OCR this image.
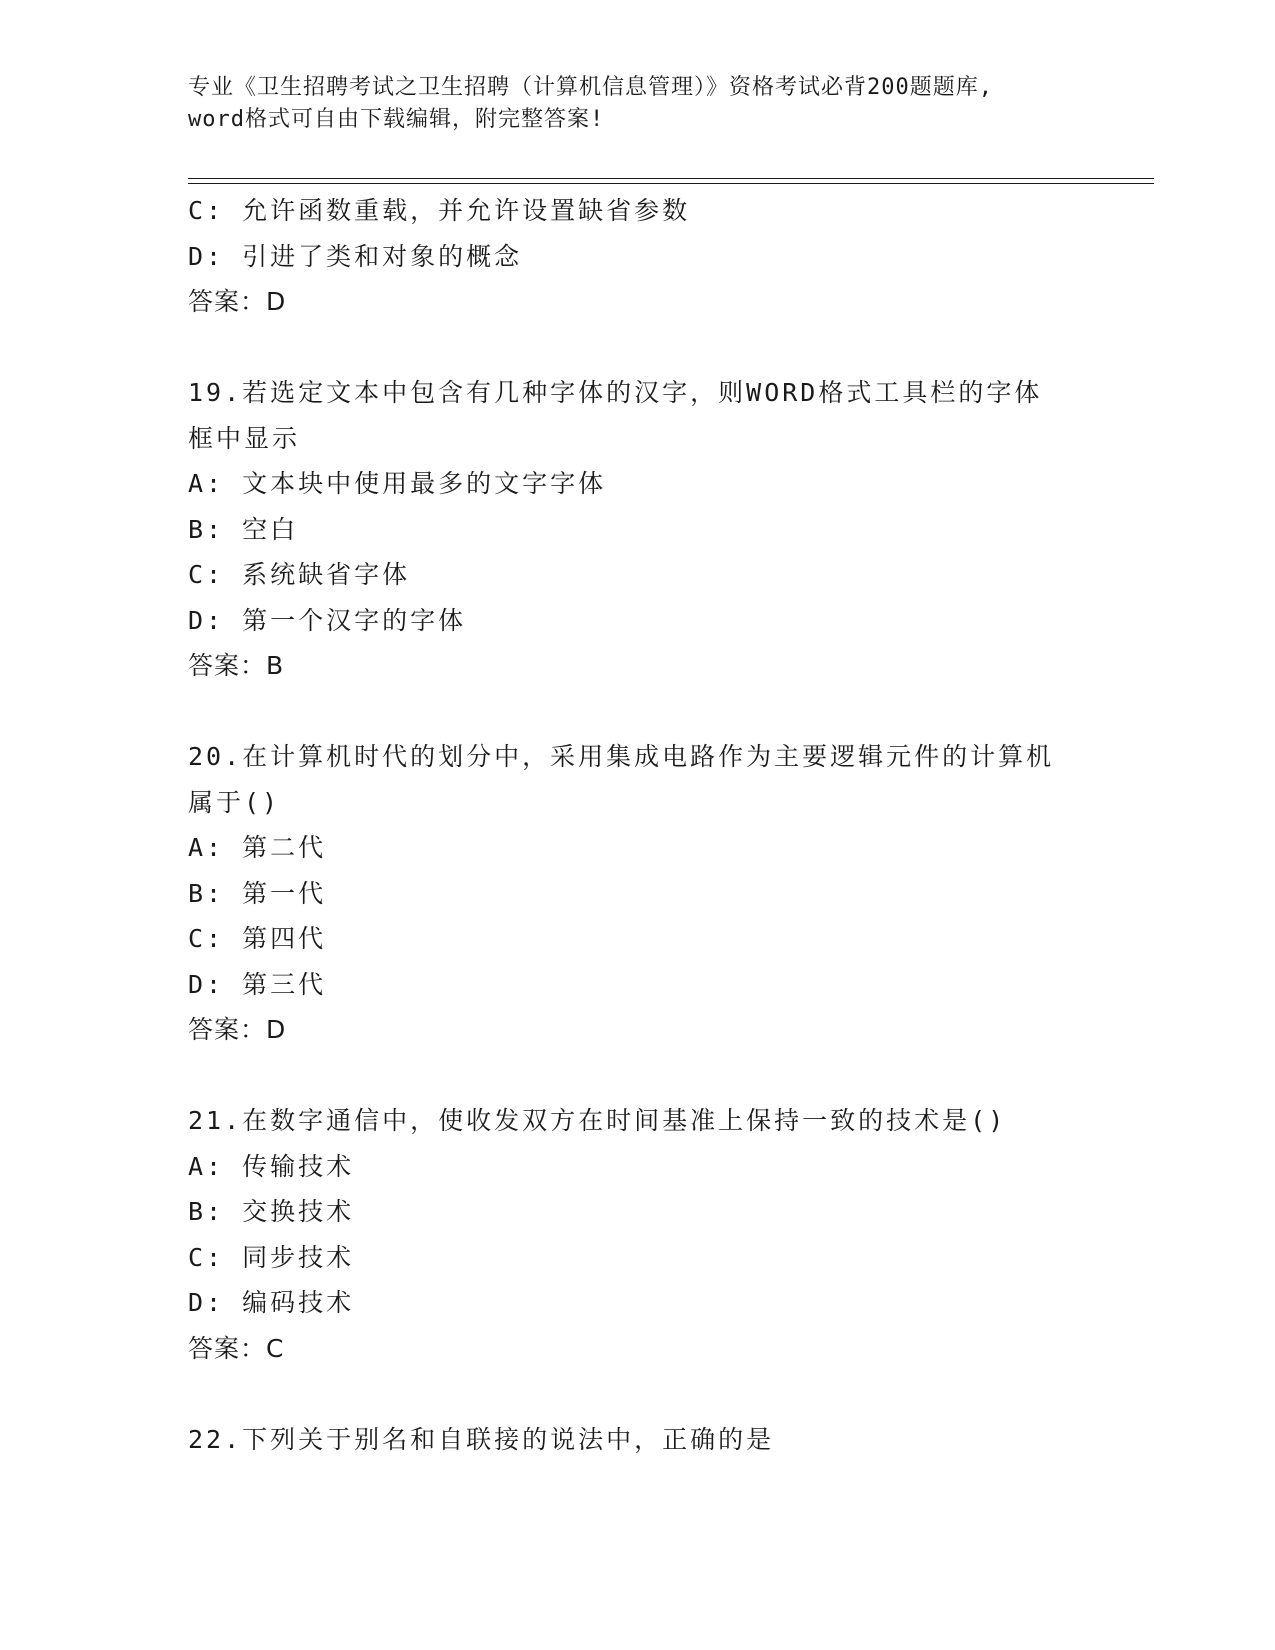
专业《卫生招聘考试之卫生招聘（计算机信息管理）》资格考试必背200题题库,
word格式可自由下载编辑，附完整答案!
C: 允许函数重载，并允许设置缺省参数
D: 引进了类和对象的概念
答案：D
19.若选定文本中包含有几种字体的汉字，则WORD格式工具栏的字体
框中显示
A: 文本块中使用最多的文字字体
B: 空白
C: 系统缺省字体
D: 第一个汉字的字体
答案：B
20.在计算机时代的划分中，采用集成电路作为主要逻辑元件的计算机
属于()
A: 第二代
B: 第一代
C: 第四代
D: 第三代
答案：D
21.在数字通信中，使收发双方在时间基准上保持一致的技术是()
A: 传输技术
B: 交换技术
C: 同步技术
D: 编码技术
答案：C
22.下列关于别名和自联接的说法中，正确的是
